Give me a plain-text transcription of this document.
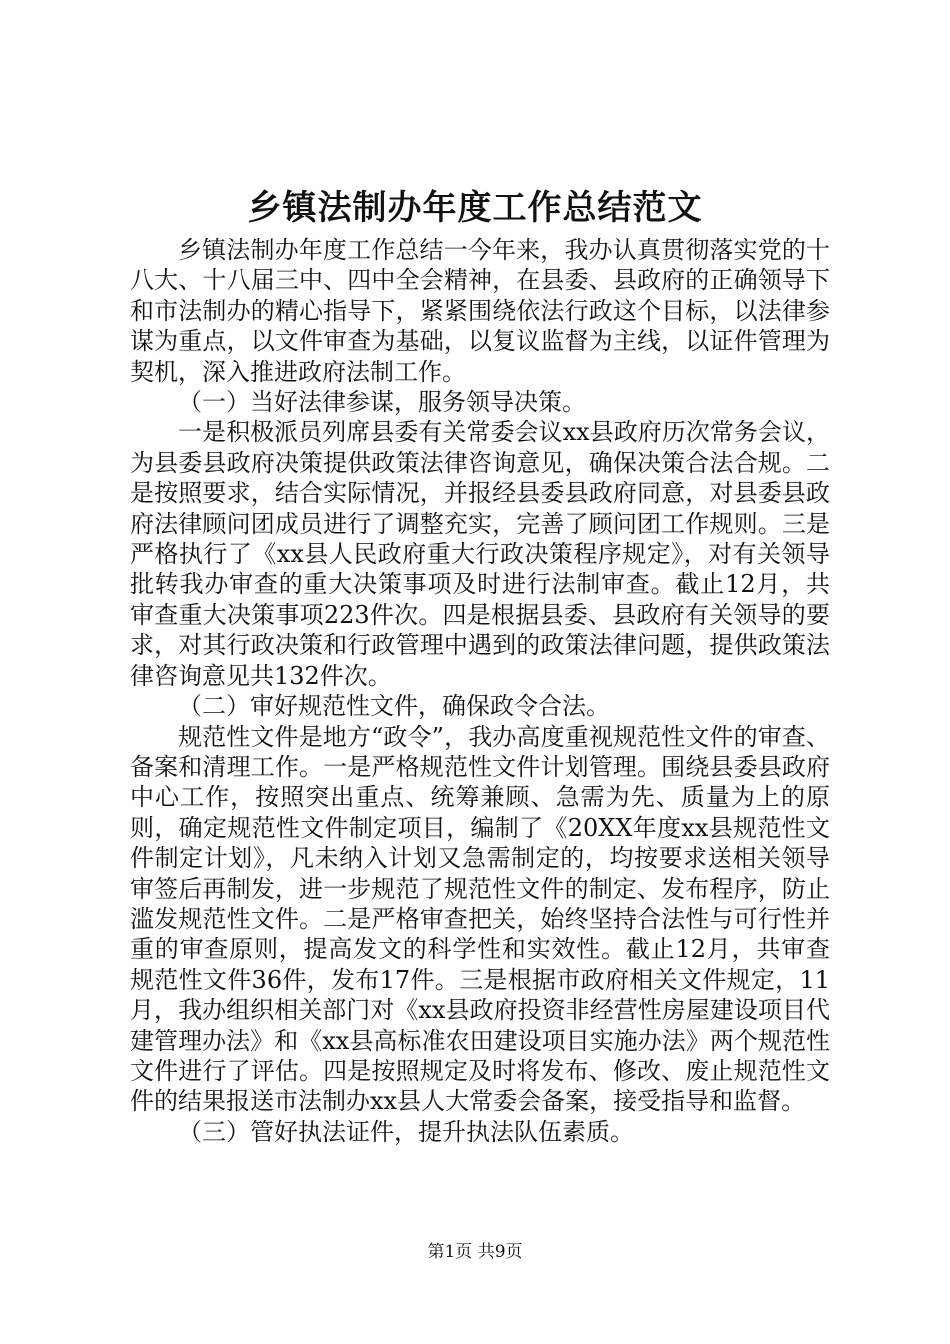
乡镇法制办年度工作总结范文

乡镇法制办年度工作总结一今年来，我办认真贯彻落实党的十八大、十八届三中、四中全会精神，在县委、县政府的正确领导下和市法制办的精心指导下，紧紧围绕依法行政这个目标，以法律参谋为重点，以文件审查为基础，以复议监督为主线，以证件管理为契机，深入推进政府法制工作。

（一）当好法律参谋，服务领导决策。

一是积极派员列席县委有关常委会议xx县政府历次常务会议，为县委县政府决策提供政策法律咨询意见，确保决策合法合规。二是按照要求，结合实际情况，并报经县委县政府同意，对县委县政府法律顾问团成员进行了调整充实，完善了顾问团工作规则。三是严格执行了《xx县人民政府重大行政决策程序规定》，对有关领导批转我办审查的重大决策事项及时进行法制审查。截止12月，共审查重大决策事项223件次。四是根据县委、县政府有关领导的要求，对其行政决策和行政管理中遇到的政策法律问题，提供政策法律咨询意见共132件次。

（二）审好规范性文件，确保政令合法。

规范性文件是地方“政令”，我办高度重视规范性文件的审查、备案和清理工作。一是严格规范性文件计划管理。围绕县委县政府中心工作，按照突出重点、统筹兼顾、急需为先、质量为上的原则，确定规范性文件制定项目，编制了《20XX年度xx县规范性文件制定计划》，凡未纳入计划又急需制定的，均按要求送相关领导审签后再制发，进一步规范了规范性文件的制定、发布程序，防止滥发规范性文件。二是严格审查把关，始终坚持合法性与可行性并重的审查原则，提高发文的科学性和实效性。截止12月，共审查规范性文件36件，发布17件。三是根据市政府相关文件规定，11月，我办组织相关部门对《xx县政府投资非经营性房屋建设项目代建管理办法》和《xx县高标准农田建设项目实施办法》两个规范性文件进行了评估。四是按照规定及时将发布、修改、废止规范性文件的结果报送市法制办xx县人大常委会备案，接受指导和监督。

（三）管好执法证件，提升执法队伍素质。

第1页 共9页
